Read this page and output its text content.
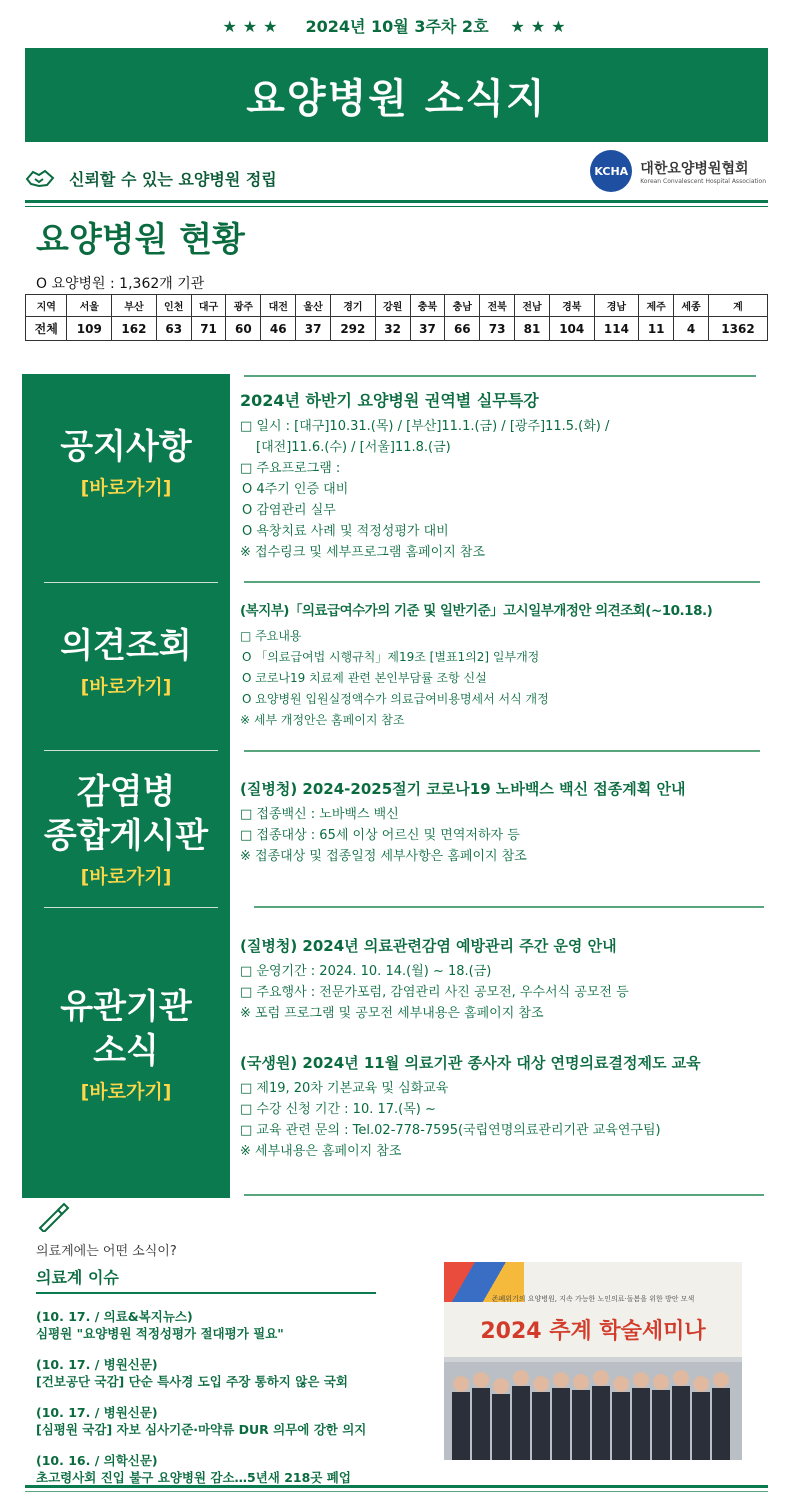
★★★ 2024년 10월 3주차 2호 ★★★
요양병원 소식지
신뢰할 수 있는 요양병원 정립	KCHA 대한요양병원협회
Korean Convalescent Hospital Association
요양병원 현황
O 요양병원 : 1,362개 기관
지역	서울	부산	인천	대구	광주	대전	울산	경기	강원	충북	충남	전북	전남	경북	경남	제주	세종	계
전체	109	162	63	71	60	46	37	292	32	37	66	73	81	104	114	11	4	1362
공지사항
[바로가기]
의견조회
[바로가기]
감염병
종합게시판
[바로가기]
유관기관
소식
[바로가기]
2024년 하반기 요양병원 권역별 실무특강
□ 일시 : [대구]10.31.(목) / [부산]11.1.(금) / [광주]11.5.(화) /
[대전]11.6.(수) / [서울]11.8.(금)
□ 주요프로그램 :
O 4주기 인증 대비
O 감염관리 실무
O 욕창치료 사례 및 적정성평가 대비
※ 접수링크 및 세부프로그램 홈페이지 참조
(복지부)「의료급여수가의 기준 및 일반기준」고시일부개정안 의견조회(~10.18.)
□ 주요내용
O 「의료급여법 시행규칙」제19조 [별표1의2] 일부개정
O 코로나19 치료제 관련 본인부담률 조항 신설
O 요양병원 입원실정액수가 의료급여비용명세서 서식 개정
※ 세부 개정안은 홈페이지 참조
(질병청) 2024-2025절기 코로나19 노바백스 백신 접종계획 안내
□ 접종백신 : 노바백스 백신
□ 접종대상 : 65세 이상 어르신 및 면역저하자 등
※ 접종대상 및 접종일정 세부사항은 홈페이지 참조
(질병청) 2024년 의료관련감염 예방관리 주간 운영 안내
□ 운영기간 : 2024. 10. 14.(월) ~ 18.(금)
□ 주요행사 : 전문가포럼, 감염관리 사진 공모전, 우수서식 공모전 등
※ 포럼 프로그램 및 공모전 세부내용은 홈페이지 참조
(국생원) 2024년 11월 의료기관 종사자 대상 연명의료결정제도 교육
□ 제19, 20차 기본교육 및 심화교육
□ 수강 신청 기간 : 10. 17.(목) ~
□ 교육 관련 문의 : Tel.02-778-7595(국립연명의료관리기관 교육연구팀)
※ 세부내용은 홈페이지 참조
의료계에는 어떤 소식이?
의료계 이슈
(10. 17. / 의료&복지뉴스)
심평원 "요양병원 적정성평가 절대평가 필요"
(10. 17. / 병원신문)
[건보공단 국감] 단순 특사경 도입 주장 통하지 않은 국회
(10. 17. / 병원신문)
[심평원 국감] 자보 심사기준·마약류 DUR 의무에 강한 의지
(10. 16. / 의학신문)
초고령사회 진입 불구 요양병원 감소…5년새 218곳 폐업
존폐위기의 요양병원, 지속 가능한 노인의료·돌봄을 위한 방안 모색
2024 추계 학술세미나
